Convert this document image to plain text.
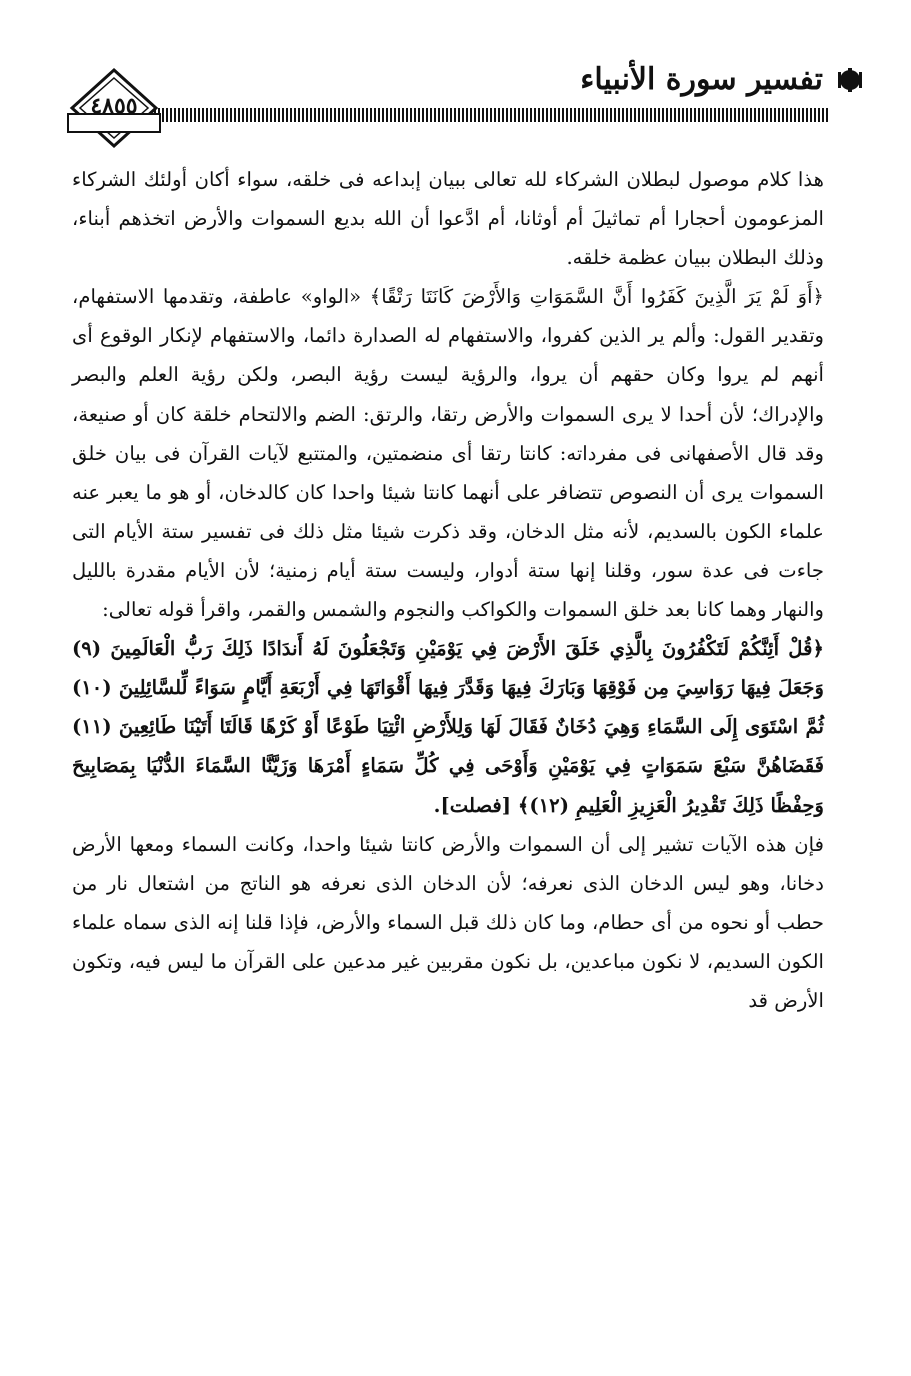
تفسير سورة الأنبياء
٤٨٥٥

هذا كلام موصول لبطلان الشركاء لله تعالى ببيان إبداعه فى خلقه، سواء أكان أولئك الشركاء المزعومون أحجارا أم تماثيلَ أم أوثانا، أم ادَّعوا أن الله بديع السموات والأرض اتخذهم أبناء، وذلك البطلان ببيان عظمة خلقه.

﴿أَوَ لَمْ يَرَ الَّذِينَ كَفَرُوا أَنَّ السَّمَوَاتِ وَالأَرْضَ كَانَتَا رَتْقًا﴾ «الواو» عاطفة، وتقدمها الاستفهام، وتقدير القول: وألم ير الذين كفروا، والاستفهام له الصدارة دائما، والاستفهام لإنكار الوقوع أى أنهم لم يروا وكان حقهم أن يروا، والرؤية ليست رؤية البصر، ولكن رؤية العلم والبصر والإدراك؛ لأن أحدا لا يرى السموات والأرض رتقا، والرتق: الضم والالتحام خلقة كان أو صنيعة، وقد قال الأصفهانى فى مفرداته: كانتا رتقا أى منضمتين، والمتتبع لآيات القرآن فى بيان خلق السموات يرى أن النصوص تتضافر على أنهما كانتا شيئا واحدا كان كالدخان، أو هو ما يعبر عنه علماء الكون بالسديم، لأنه مثل الدخان، وقد ذكرت شيئا مثل ذلك فى تفسير ستة الأيام التى جاءت فى عدة سور، وقلنا إنها ستة أدوار، وليست ستة أيام زمنية؛ لأن الأيام مقدرة بالليل والنهار وهما كانا بعد خلق السموات والكواكب والنجوم والشمس والقمر، واقرأ قوله تعالى:

﴿قُلْ أَئِنَّكُمْ لَتَكْفُرُونَ بِالَّذِي خَلَقَ الأَرْضَ فِي يَوْمَيْنِ وَتَجْعَلُونَ لَهُ أَندَادًا ذَلِكَ رَبُّ الْعَالَمِينَ (٩) وَجَعَلَ فِيهَا رَوَاسِيَ مِن فَوْقِهَا وَبَارَكَ فِيهَا وَقَدَّرَ فِيهَا أَقْوَاتَهَا فِي أَرْبَعَةِ أَيَّامٍ سَوَاءً لِّلسَّائِلِينَ (١٠) ثُمَّ اسْتَوَى إِلَى السَّمَاءِ وَهِيَ دُخَانٌ فَقَالَ لَهَا وَلِلأَرْضِ ائْتِيَا طَوْعًا أَوْ كَرْهًا قَالَتَا أَتَيْنَا طَائِعِينَ (١١) فَقَضَاهُنَّ سَبْعَ سَمَوَاتٍ فِي يَوْمَيْنِ وَأَوْحَى فِي كُلِّ سَمَاءٍ أَمْرَهَا وَزَيَّنَّا السَّمَاءَ الدُّنْيَا بِمَصَابِيحَ وَحِفْظًا ذَلِكَ تَقْدِيرُ الْعَزِيزِ الْعَلِيمِ (١٢)﴾ [فصلت].

فإن هذه الآيات تشير إلى أن السموات والأرض كانتا شيئا واحدا، وكانت السماء ومعها الأرض دخانا، وهو ليس الدخان الذى نعرفه؛ لأن الدخان الذى نعرفه هو الناتج من اشتعال نار من حطب أو نحوه من أى حطام، وما كان ذلك قبل السماء والأرض، فإذا قلنا إنه الذى سماه علماء الكون السديم، لا نكون مباعدين، بل نكون مقربين غير مدعين على القرآن ما ليس فيه، وتكون الأرض قد
